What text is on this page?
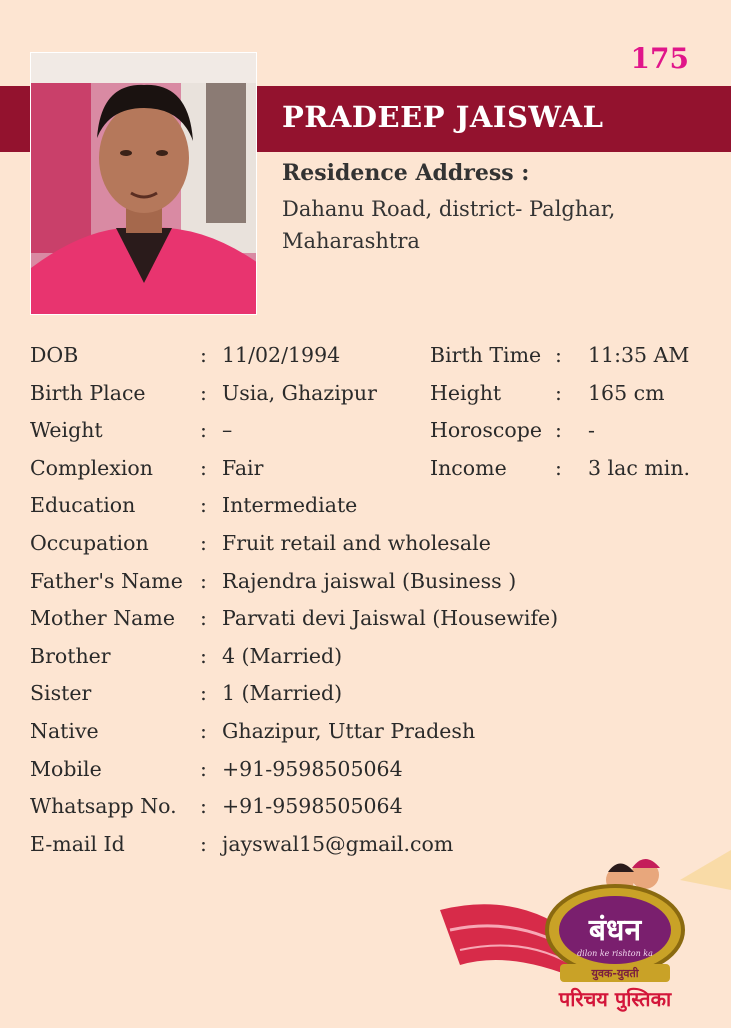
175
PRADEEP JAISWAL
Residence Address :
Dahanu Road, district- Palghar,
Maharashtra
DOB	: 11/02/1994	Birth Time : 11:35 AM
Birth Place	: Usia, Ghazipur	Height	: 165 cm
Weight	: –	Horoscope : -
Complexion : Fair	Income : 3 lac min.
Education	: Intermediate
Occupation	: Fruit retail and wholesale
Father's Name : Rajendra jaiswal (Business )
Mother Name : Parvati devi Jaiswal (Housewife)
Brother	: 4 (Married)
Sister	: 1 (Married)
Native	: Ghazipur, Uttar Pradesh
Mobile	: +91-9598505064
Whatsapp No. : +91-9598505064
E-mail Id	: jayswal15@gmail.com
बंधन
dilon ke rishton ka
युवक-युवती
परिचय पुस्तिका
